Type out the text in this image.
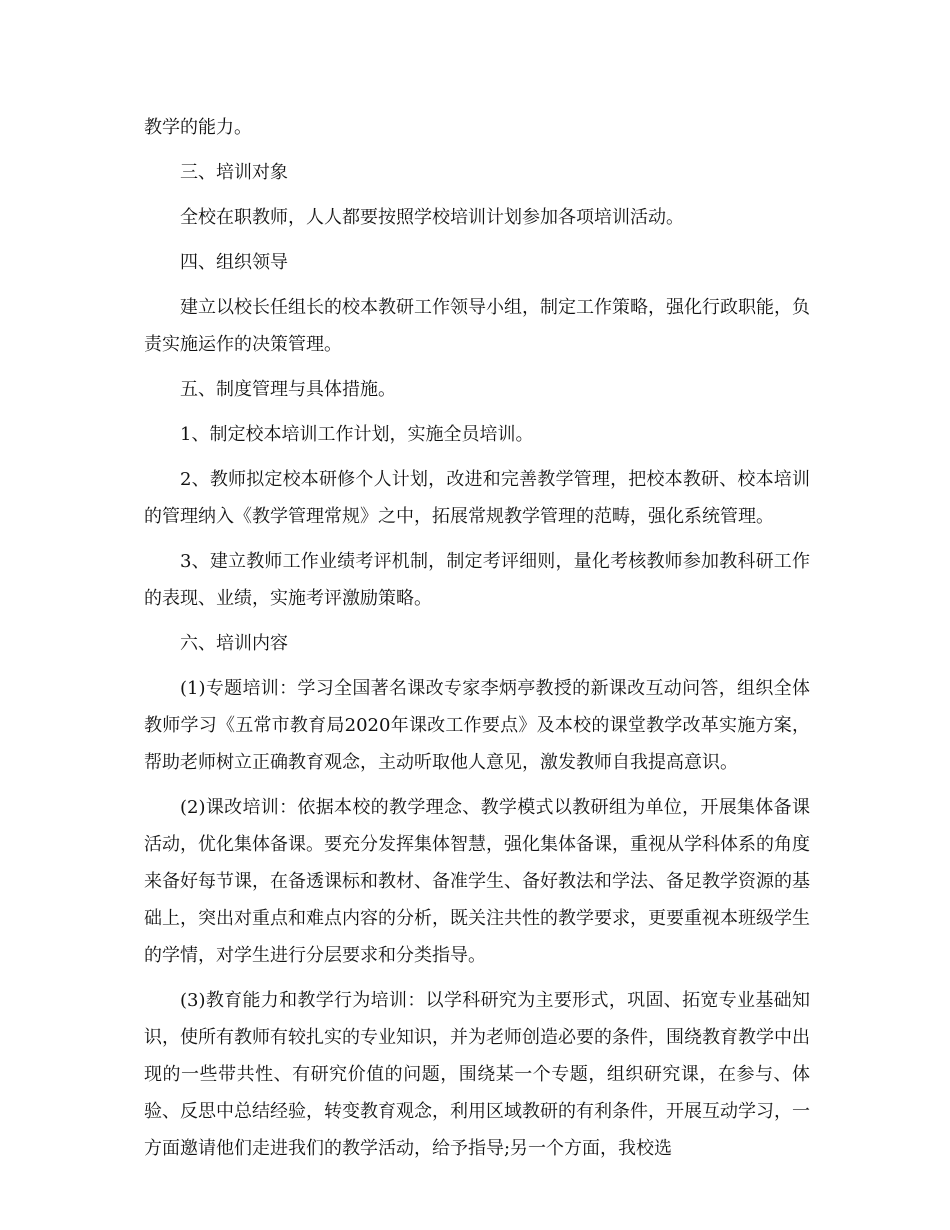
教学的能力。

三、培训对象

全校在职教师，人人都要按照学校培训计划参加各项培训活动。

四、组织领导

建立以校长任组长的校本教研工作领导小组，制定工作策略，强化行政职能，负责实施运作的决策管理。

五、制度管理与具体措施。

1、制定校本培训工作计划，实施全员培训。

2、教师拟定校本研修个人计划，改进和完善教学管理，把校本教研、校本培训的管理纳入《教学管理常规》之中，拓展常规教学管理的范畴，强化系统管理。

3、建立教师工作业绩考评机制，制定考评细则，量化考核教师参加教科研工作的表现、业绩，实施考评激励策略。

六、培训内容

(1)专题培训：学习全国著名课改专家李炳亭教授的新课改互动问答，组织全体教师学习《五常市教育局2020年课改工作要点》及本校的课堂教学改革实施方案，帮助老师树立正确教育观念，主动听取他人意见，激发教师自我提高意识。

(2)课改培训：依据本校的教学理念、教学模式以教研组为单位，开展集体备课活动，优化集体备课。要充分发挥集体智慧，强化集体备课，重视从学科体系的角度来备好每节课，在备透课标和教材、备准学生、备好教法和学法、备足教学资源的基础上，突出对重点和难点内容的分析，既关注共性的教学要求，更要重视本班级学生的学情，对学生进行分层要求和分类指导。

(3)教育能力和教学行为培训：以学科研究为主要形式，巩固、拓宽专业基础知识，使所有教师有较扎实的专业知识，并为老师创造必要的条件，围绕教育教学中出现的一些带共性、有研究价值的问题，围绕某一个专题，组织研究课，在参与、体验、反思中总结经验，转变教育观念，利用区域教研的有利条件，开展互动学习，一方面邀请他们走进我们的教学活动，给予指导;另一个方面，我校选
